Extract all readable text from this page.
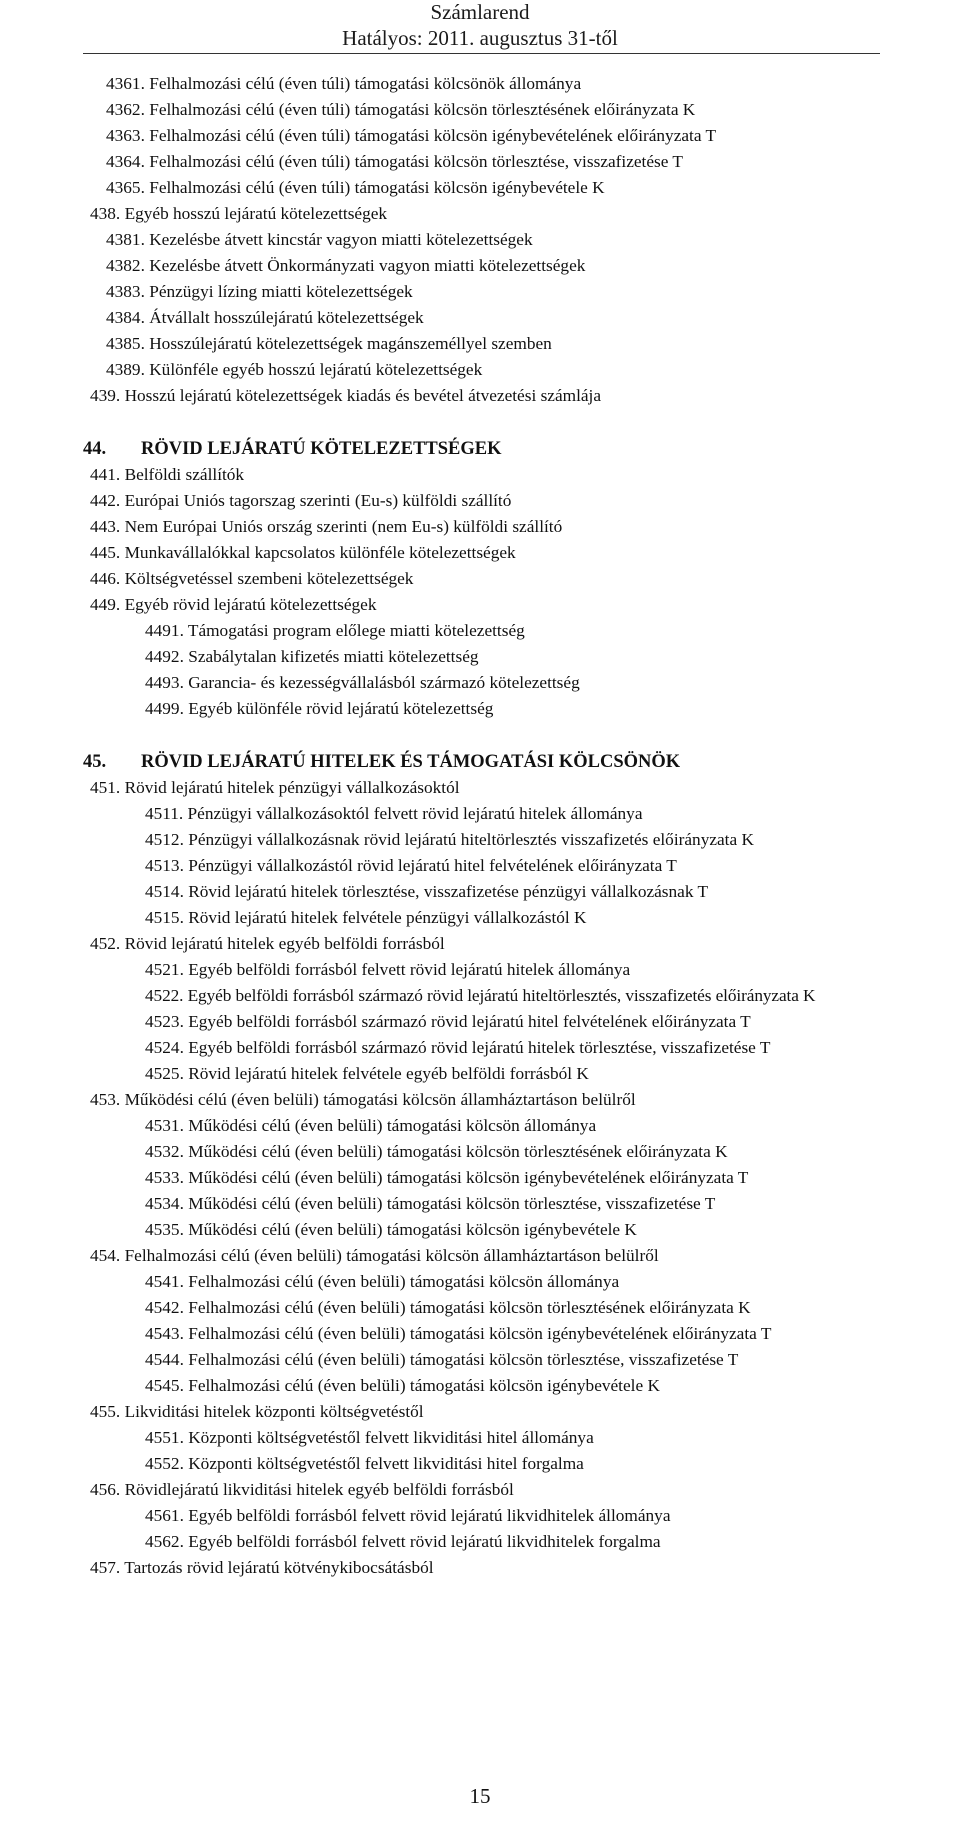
Számlarend
Hatályos: 2011. augusztus 31-től
4361. Felhalmozási célú (éven túli) támogatási kölcsönök állománya
4362. Felhalmozási célú (éven túli) támogatási kölcsön törlesztésének előirányzata K
4363. Felhalmozási célú (éven túli) támogatási kölcsön igénybevételének előirányzata T
4364. Felhalmozási célú (éven túli) támogatási kölcsön törlesztése, visszafizetése T
4365. Felhalmozási célú (éven túli) támogatási kölcsön igénybevétele K
438. Egyéb hosszú lejáratú kötelezettségek
4381. Kezelésbe átvett kincstár vagyon miatti kötelezettségek
4382. Kezelésbe átvett Önkormányzati vagyon miatti kötelezettségek
4383. Pénzügyi lízing miatti kötelezettségek
4384. Átvállalt hosszúlejáratú kötelezettségek
4385. Hosszúlejáratú kötelezettségek magánszeméllyel szemben
4389. Különféle egyéb hosszú lejáratú kötelezettségek
439. Hosszú lejáratú kötelezettségek kiadás és bevétel átvezetési számlája
44. RÖVID LEJÁRATÚ KÖTELEZETTSÉGEK
441. Belföldi szállítók
442. Európai Uniós tagorszag szerinti (Eu-s) külföldi szállító
443. Nem Európai Uniós ország szerinti (nem Eu-s) külföldi szállító
445. Munkavállalókkal kapcsolatos különféle kötelezettségek
446. Költségvetéssel szembeni kötelezettségek
449. Egyéb rövid lejáratú kötelezettségek
4491. Támogatási program előlege miatti kötelezettség
4492. Szabálytalan kifizetés miatti kötelezettség
4493. Garancia- és kezességvállalásból származó kötelezettség
4499. Egyéb különféle rövid lejáratú kötelezettség
45. RÖVID LEJÁRATÚ HITELEK ÉS TÁMOGATÁSI KÖLCSÖNÖK
451. Rövid lejáratú hitelek pénzügyi vállalkozásoktól
4511. Pénzügyi vállalkozásoktól felvett rövid lejáratú hitelek állománya
4512. Pénzügyi vállalkozásnak rövid lejáratú hiteltörlesztés visszafizetés előirányzata K
4513. Pénzügyi vállalkozástól rövid lejáratú hitel felvételének előirányzata T
4514. Rövid lejáratú hitelek törlesztése, visszafizetése pénzügyi vállalkozásnak T
4515. Rövid lejáratú hitelek felvétele pénzügyi vállalkozástól K
452. Rövid lejáratú hitelek egyéb belföldi forrásból
4521. Egyéb belföldi forrásból felvett rövid lejáratú hitelek állománya
4522. Egyéb belföldi forrásból származó rövid lejáratú hiteltörlesztés, visszafizetés előirányzata K
4523. Egyéb belföldi forrásból származó rövid lejáratú hitel felvételének előirányzata T
4524. Egyéb belföldi forrásból származó rövid lejáratú hitelek törlesztése, visszafizetése T
4525. Rövid lejáratú hitelek felvétele egyéb belföldi forrásból K
453. Működési célú (éven belüli) támogatási kölcsön államháztartáson belülről
4531. Működési célú (éven belüli) támogatási kölcsön állománya
4532. Működési célú (éven belüli) támogatási kölcsön törlesztésének előirányzata K
4533. Működési célú (éven belüli) támogatási kölcsön igénybevételének előirányzata T
4534. Működési célú (éven belüli) támogatási kölcsön törlesztése, visszafizetése T
4535. Működési célú (éven belüli) támogatási kölcsön igénybevétele K
454. Felhalmozási célú (éven belüli) támogatási kölcsön államháztartáson belülről
4541. Felhalmozási célú (éven belüli) támogatási kölcsön állománya
4542. Felhalmozási célú (éven belüli) támogatási kölcsön törlesztésének előirányzata K
4543. Felhalmozási célú (éven belüli) támogatási kölcsön igénybevételének előirányzata T
4544. Felhalmozási célú (éven belüli) támogatási kölcsön törlesztése, visszafizetése T
4545. Felhalmozási célú (éven belüli) támogatási kölcsön igénybevétele K
455. Likviditási hitelek központi költségvetéstől
4551. Központi költségvetéstől felvett likviditási hitel állománya
4552. Központi költségvetéstől felvett likviditási hitel forgalma
456. Rövidlejáratú likviditási hitelek egyéb belföldi forrásból
4561. Egyéb belföldi forrásból felvett rövid lejáratú likvidhitelek állománya
4562. Egyéb belföldi forrásból felvett rövid lejáratú likvidhitelek forgalma
457. Tartozás rövid lejáratú kötvénykibocsátásból
15
